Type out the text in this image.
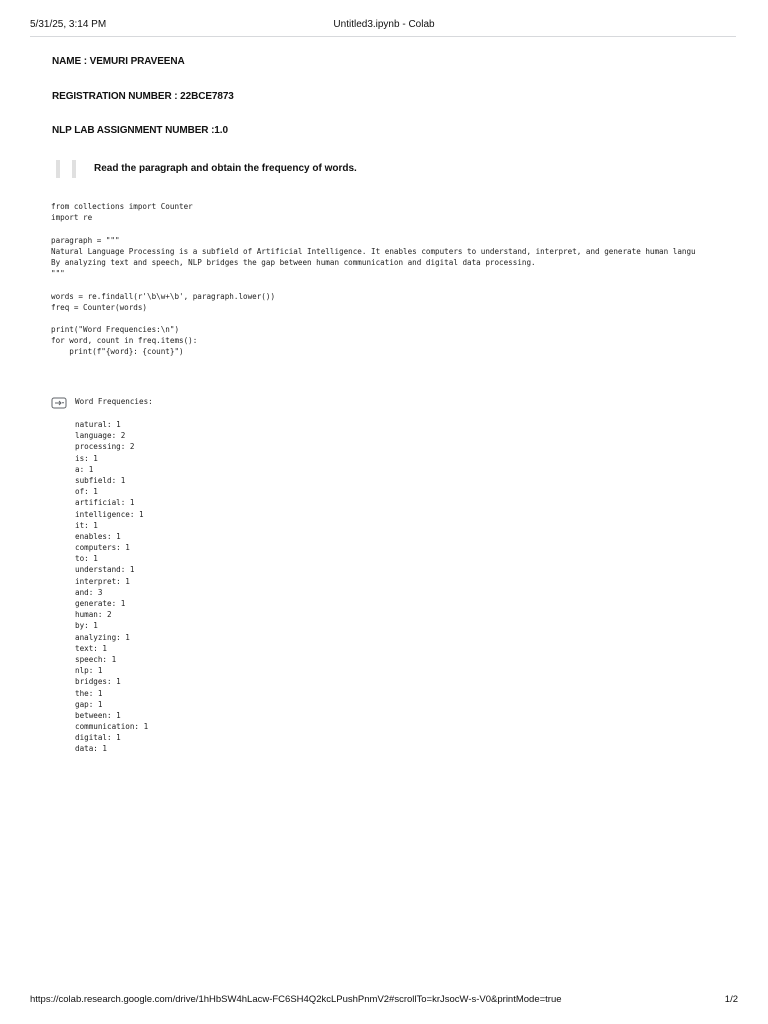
5/31/25, 3:14 PM	Untitled3.ipynb - Colab
NAME : VEMURI PRAVEENA
REGISTRATION NUMBER : 22BCE7873
NLP LAB ASSIGNMENT NUMBER :1.0
Read the paragraph and obtain the frequency of words.
from collections import Counter
import re
paragraph = """
Natural Language Processing is a subfield of Artificial Intelligence. It enables computers to understand, interpret, and generate human langu
By analyzing text and speech, NLP bridges the gap between human communication and digital data processing.
"""
words = re.findall(r'\b\w+\b', paragraph.lower())
freq = Counter(words)
print("Word Frequencies:\n")
for word, count in freq.items():
print(f"{word}: {count}")
Word Frequencies:
natural: 1
language: 2
processing: 2
is: 1
a: 1
subfield: 1
of: 1
artificial: 1
intelligence: 1
it: 1
enables: 1
computers: 1
to: 1
understand: 1
interpret: 1
and: 3
generate: 1
human: 2
by: 1
analyzing: 1
text: 1
speech: 1
nlp: 1
bridges: 1
the: 1
gap: 1
between: 1
communication: 1
digital: 1
data: 1
https://colab.research.google.com/drive/1hHbSW4hLacw-FC6SH4Q2kcLPushPnmV2#scrollTo=krJsocW-s-V0&printMode=true	1/2
